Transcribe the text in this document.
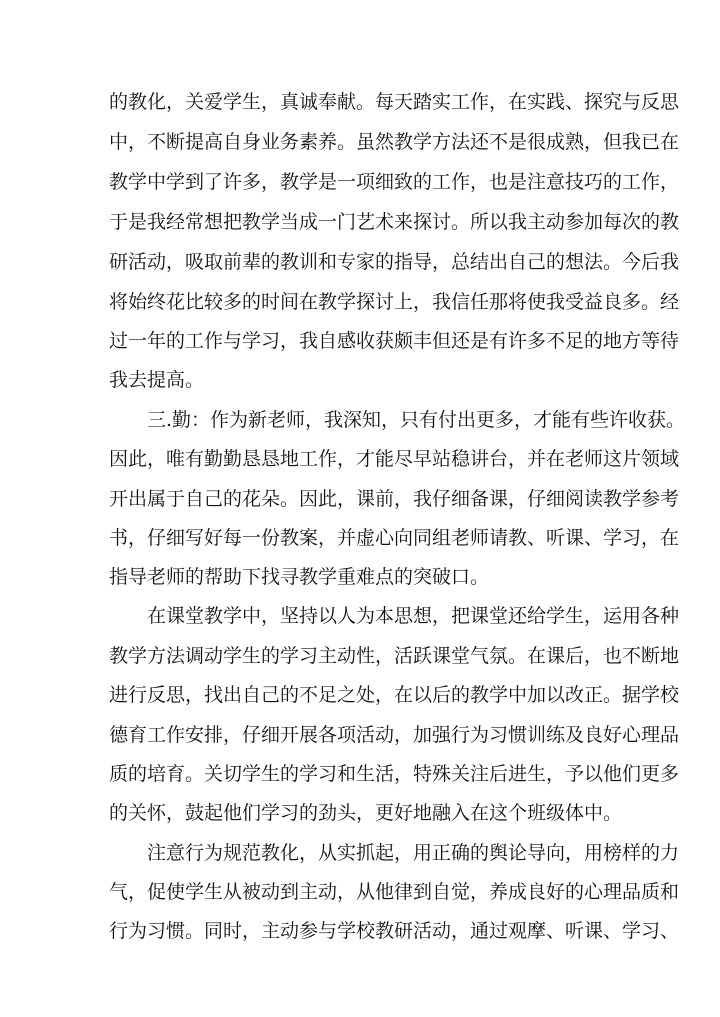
的教化，关爱学生，真诚奉献。每天踏实工作，在实践、探究与反思
中，不断提高自身业务素养。虽然教学方法还不是很成熟，但我已在
教学中学到了许多，教学是一项细致的工作，也是注意技巧的工作，
于是我经常想把教学当成一门艺术来探讨。所以我主动参加每次的教
研活动，吸取前辈的教训和专家的指导，总结出自己的想法。今后我
将始终花比较多的时间在教学探讨上，我信任那将使我受益良多。经
过一年的工作与学习，我自感收获颇丰但还是有许多不足的地方等待
我去提高。
三.勤：作为新老师，我深知，只有付出更多，才能有些许收获。
因此，唯有勤勤恳恳地工作，才能尽早站稳讲台，并在老师这片领域
开出属于自己的花朵。因此，课前，我仔细备课，仔细阅读教学参考
书，仔细写好每一份教案，并虚心向同组老师请教、听课、学习，在
指导老师的帮助下找寻教学重难点的突破口。
在课堂教学中，坚持以人为本思想，把课堂还给学生，运用各种
教学方法调动学生的学习主动性，活跃课堂气氛。在课后，也不断地
进行反思，找出自己的不足之处，在以后的教学中加以改正。据学校
德育工作安排，仔细开展各项活动，加强行为习惯训练及良好心理品
质的培育。关切学生的学习和生活，特殊关注后进生，予以他们更多
的关怀，鼓起他们学习的劲头，更好地融入在这个班级体中。
注意行为规范教化，从实抓起，用正确的舆论导向，用榜样的力
气，促使学生从被动到主动，从他律到自觉，养成良好的心理品质和
行为习惯。同时，主动参与学校教研活动，通过观摩、听课、学习、
